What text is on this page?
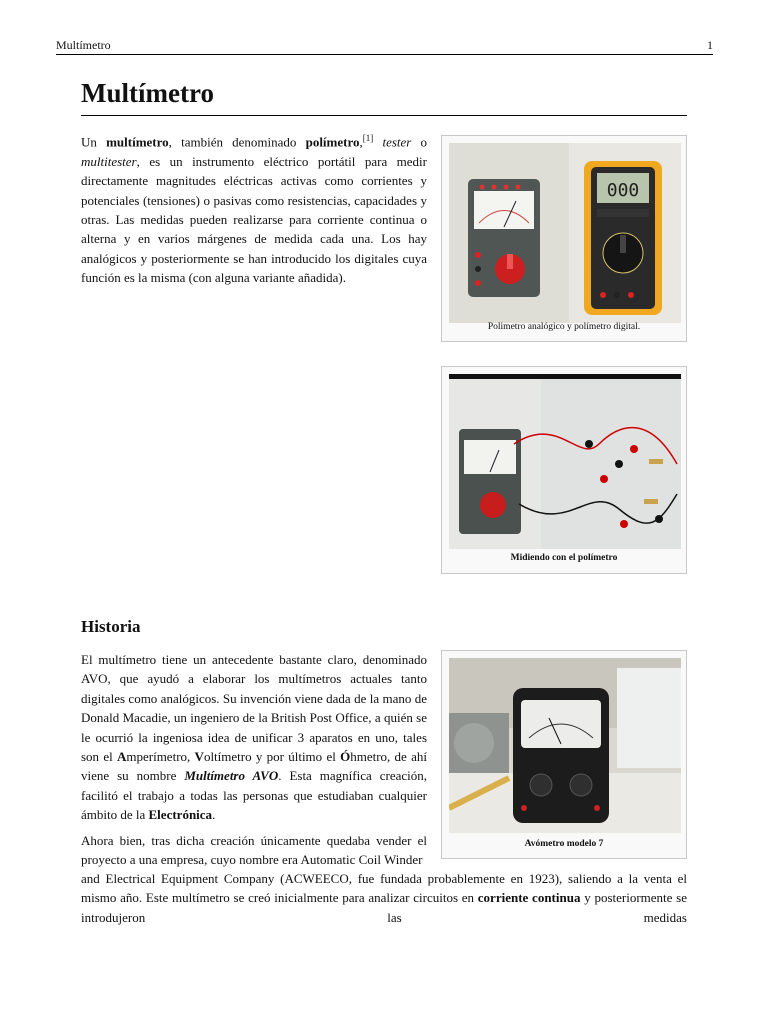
Multímetro	1
Multímetro

Un multímetro, también denominado polímetro,[1] tester o multitester, es un instrumento eléctrico portátil para medir directamente magnitudes eléctricas activas como corrientes y potenciales (tensiones) o pasivas como resistencias, capacidades y otras. Las medidas pueden realizarse para corriente continua o alterna y en varios márgenes de medida cada una. Los hay analógicos y posteriormente se han introducido los digitales cuya función es la misma (con alguna variante añadida).

000
Polimetro analógico y polímetro digital.
Midiendo con el polímetro
Historia

El multímetro tiene un antecedente bastante claro, denominado AVO, que ayudó a elaborar los multímetros actuales tanto digitales como analógicos. Su invención viene dada de la mano de Donald Macadie, un ingeniero de la British Post Office, a quién se le ocurrió la ingeniosa idea de unificar 3 aparatos en uno, tales son el Amperímetro, Voltímetro y por último el Óhmetro, de ahí viene su nombre Multímetro AVO. Esta magnífica creación, facilitó el trabajo a todas las personas que estudiaban cualquier ámbito de la Electrónica.

Avómetro modelo 7

Ahora bien, tras dicha creación únicamente quedaba vender el proyecto a una empresa, cuyo nombre era Automatic Coil Winder

and Electrical Equipment Company (ACWEECO, fue fundada probablemente en 1923), saliendo a la venta el mismo año. Este multímetro se creó inicialmente para analizar circuitos en corriente continua y posteriormente se introdujeron las medidas
